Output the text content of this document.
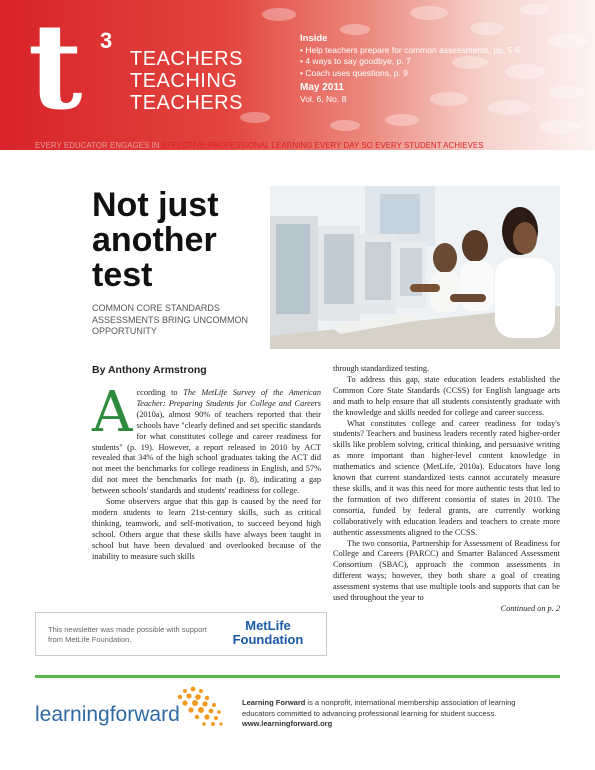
t 3
TEACHERS
TEACHING
TEACHERS
Inside
• Help teachers prepare for common assessments, pp. 5-6
• 4 ways to say goodbye, p. 7
• Coach uses questions, p. 9
May 2011
Vol. 6, No. 8
EVERY EDUCATOR ENGAGES IN EFFECTIVE PROFESSIONAL LEARNING EVERY DAY SO EVERY STUDENT ACHIEVES
Not just another test
COMMON CORE STANDARDS ASSESSMENTS BRING UNCOMMON OPPORTUNITY
By Anthony Armstrong

According to The MetLife Survey of the American Teacher: Preparing Students for College and Careers (2010a), almost 90% of teachers reported that their schools have "clearly defined and set specific standards for what constitutes college and career readiness for students" (p. 19). However, a report released in 2010 by ACT revealed that 34% of the high school graduates taking the ACT did not meet the benchmarks for college readiness in English, and 57% did not meet the benchmarks for math (p. 8), indicating a gap between schools' standards and students' readiness for college.

Some observers argue that this gap is caused by the need for modern students to learn 21st-century skills, such as critical thinking, teamwork, and self-motivation, to succeed beyond high school. Others argue that these skills have always been taught in school but have been devalued and overlooked because of the inability to measure such skills

through standardized testing.

To address this gap, state education leaders established the Common Core State Standards (CCSS) for English language arts and math to help ensure that all students consistently graduate with the knowledge and skills needed for college and career success.

What constitutes college and career readiness for today's students? Teachers and business leaders recently rated higher-order skills like problem solving, critical thinking, and persuasive writing as more important than higher-level content knowledge in mathematics and science (MetLife, 2010a). Educators have long known that current standardized tests cannot accurately measure these skills, and it was this need for more authentic tests that led to the formation of two different consortia of states in 2010. The consortia, funded by federal grants, are currently working collaboratively with education leaders and teachers to create more authentic assessments aligned to the CCSS.

The two consortia, Partnership for Assessment of Readiness for College and Careers (PARCC) and Smarter Balanced Assessment Consortium (SBAC), approach the common assessments in different ways; however, they both share a goal of creating assessment systems that use multiple tools and supports that can be used throughout the year to

Continued on p. 2
This newsletter was made possible with support from MetLife Foundation.
MetLife
Foundation
learningforward
Learning Forward is a nonprofit, international membership association of learning educators committed to advancing professional learning for student success.
www.learningforward.org
